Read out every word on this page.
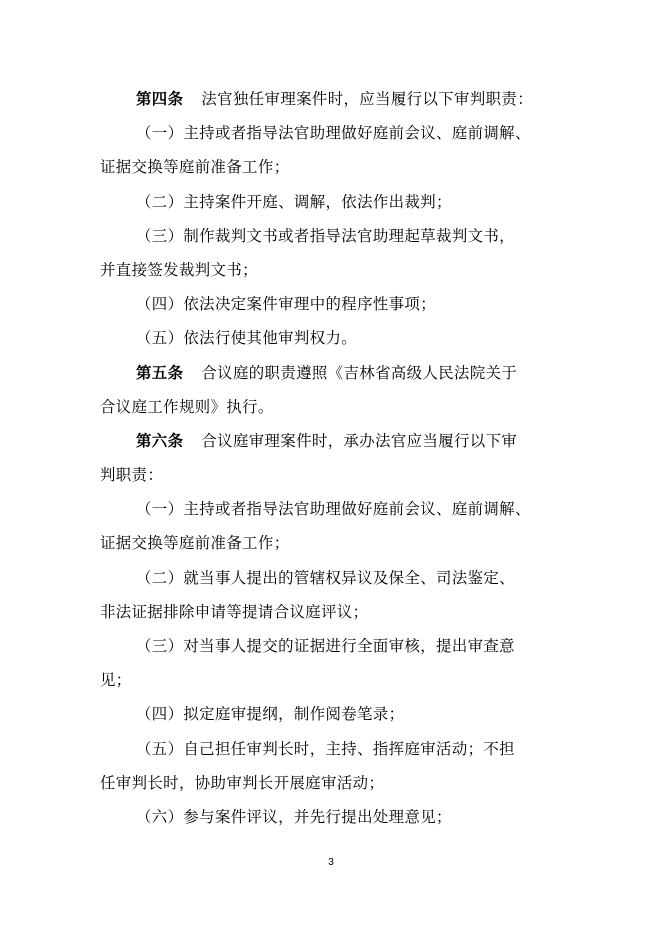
第四条 法官独任审理案件时，应当履行以下审判职责：
（一）主持或者指导法官助理做好庭前会议、庭前调解、
证据交换等庭前准备工作；
（二）主持案件开庭、调解，依法作出裁判；
（三）制作裁判文书或者指导法官助理起草裁判文书，
并直接签发裁判文书；
（四）依法决定案件审理中的程序性事项；
（五）依法行使其他审判权力。
第五条 合议庭的职责遵照《吉林省高级人民法院关于
合议庭工作规则》执行。
第六条 合议庭审理案件时，承办法官应当履行以下审
判职责：
（一）主持或者指导法官助理做好庭前会议、庭前调解、
证据交换等庭前准备工作；
（二）就当事人提出的管辖权异议及保全、司法鉴定、
非法证据排除申请等提请合议庭评议；
（三）对当事人提交的证据进行全面审核，提出审查意
见；
（四）拟定庭审提纲，制作阅卷笔录；
（五）自己担任审判长时，主持、指挥庭审活动；不担
任审判长时，协助审判长开展庭审活动；
（六）参与案件评议，并先行提出处理意见；
3
